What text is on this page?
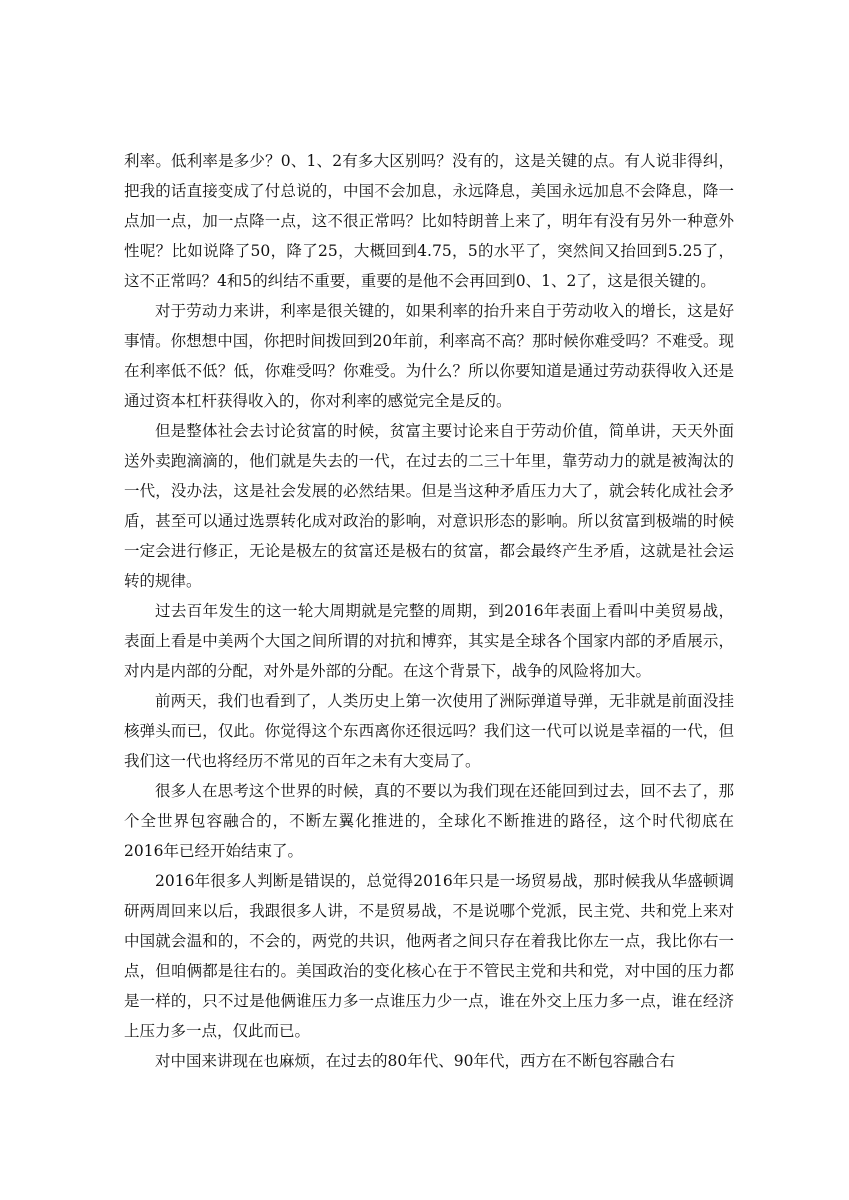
利率。低利率是多少？0、1、2有多大区别吗？没有的，这是关键的点。有人说非得纠，把我的话直接变成了付总说的，中国不会加息，永远降息，美国永远加息不会降息，降一点加一点，加一点降一点，这不很正常吗？比如特朗普上来了，明年有没有另外一种意外性呢？比如说降了50，降了25，大概回到4.75，5的水平了，突然间又抬回到5.25了，这不正常吗？4和5的纠结不重要，重要的是他不会再回到0、1、2了，这是很关键的。

对于劳动力来讲，利率是很关键的，如果利率的抬升来自于劳动收入的增长，这是好事情。你想想中国，你把时间拨回到20年前，利率高不高？那时候你难受吗？不难受。现在利率低不低？低，你难受吗？你难受。为什么？所以你要知道是通过劳动获得收入还是通过资本杠杆获得收入的，你对利率的感觉完全是反的。

但是整体社会去讨论贫富的时候，贫富主要讨论来自于劳动价值，简单讲，天天外面送外卖跑滴滴的，他们就是失去的一代，在过去的二三十年里，靠劳动力的就是被淘汰的一代，没办法，这是社会发展的必然结果。但是当这种矛盾压力大了，就会转化成社会矛盾，甚至可以通过选票转化成对政治的影响，对意识形态的影响。所以贫富到极端的时候一定会进行修正，无论是极左的贫富还是极右的贫富，都会最终产生矛盾，这就是社会运转的规律。

过去百年发生的这一轮大周期就是完整的周期，到2016年表面上看叫中美贸易战，表面上看是中美两个大国之间所谓的对抗和博弈，其实是全球各个国家内部的矛盾展示，对内是内部的分配，对外是外部的分配。在这个背景下，战争的风险将加大。

前两天，我们也看到了，人类历史上第一次使用了洲际弹道导弹，无非就是前面没挂核弹头而已，仅此。你觉得这个东西离你还很远吗？我们这一代可以说是幸福的一代，但我们这一代也将经历不常见的百年之未有大变局了。

很多人在思考这个世界的时候，真的不要以为我们现在还能回到过去，回不去了，那个全世界包容融合的，不断左翼化推进的，全球化不断推进的路径，这个时代彻底在2016年已经开始结束了。

2016年很多人判断是错误的，总觉得2016年只是一场贸易战，那时候我从华盛顿调研两周回来以后，我跟很多人讲，不是贸易战，不是说哪个党派，民主党、共和党上来对中国就会温和的，不会的，两党的共识，他两者之间只存在着我比你左一点，我比你右一点，但咱俩都是往右的。美国政治的变化核心在于不管民主党和共和党，对中国的压力都是一样的，只不过是他俩谁压力多一点谁压力少一点，谁在外交上压力多一点，谁在经济上压力多一点，仅此而已。

对中国来讲现在也麻烦，在过去的80年代、90年代，西方在不断包容融合右
